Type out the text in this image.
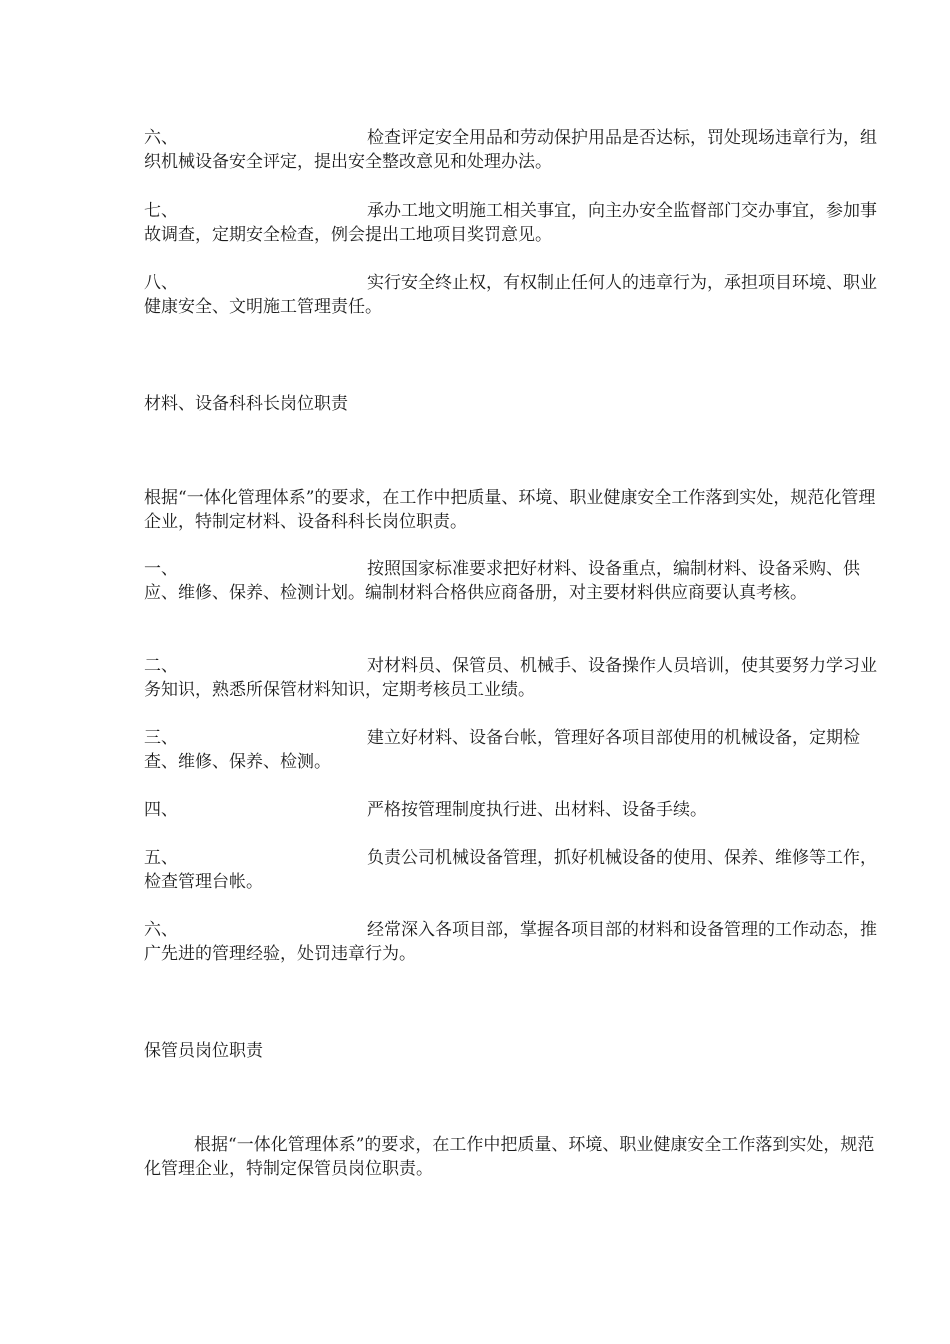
六、	检查评定安全用品和劳动保护用品是否达标，罚处现场违章行为，组织机械设备安全评定，提出安全整改意见和处理办法。

七、	承办工地文明施工相关事宜，向主办安全监督部门交办事宜，参加事故调查，定期安全检查，例会提出工地项目奖罚意见。

八、	实行安全终止权，有权制止任何人的违章行为，承担项目环境、职业健康安全、文明施工管理责任。

材料、设备科科长岗位职责

根据“一体化管理体系”的要求，在工作中把质量、环境、职业健康安全工作落到实处，规范化管理企业，特制定材料、设备科科长岗位职责。

一、	按照国家标准要求把好材料、设备重点，编制材料、设备采购、供应、维修、保养、检测计划。编制材料合格供应商备册，对主要材料供应商要认真考核。

二、	对材料员、保管员、机械手、设备操作人员培训，使其要努力学习业务知识，熟悉所保管材料知识，定期考核员工业绩。

三、	建立好材料、设备台帐，管理好各项目部使用的机械设备，定期检查、维修、保养、检测。

四、	严格按管理制度执行进、出材料、设备手续。

五、	负责公司机械设备管理，抓好机械设备的使用、保养、维修等工作，检查管理台帐。

六、	经常深入各项目部，掌握各项目部的材料和设备管理的工作动态，推广先进的管理经验，处罚违章行为。

保管员岗位职责

根据“一体化管理体系”的要求，在工作中把质量、环境、职业健康安全工作落到实处，规范化管理企业，特制定保管员岗位职责。
